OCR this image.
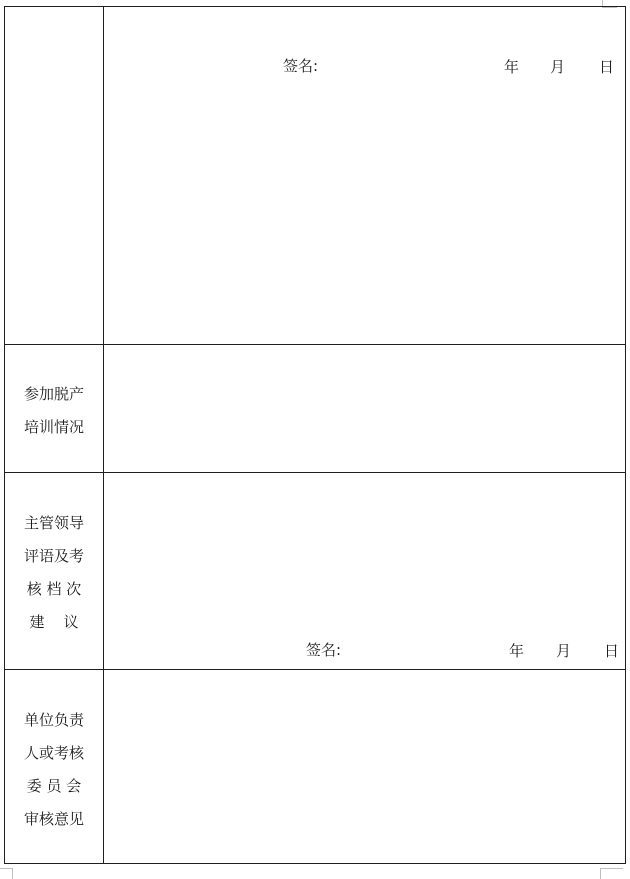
签名:	年 月 日
参加脱产
培训情况
主管领导
评语及考
核 档 次
建    议
签名:	年 月 日
单位负责
人或考核
委 员 会
审核意见
